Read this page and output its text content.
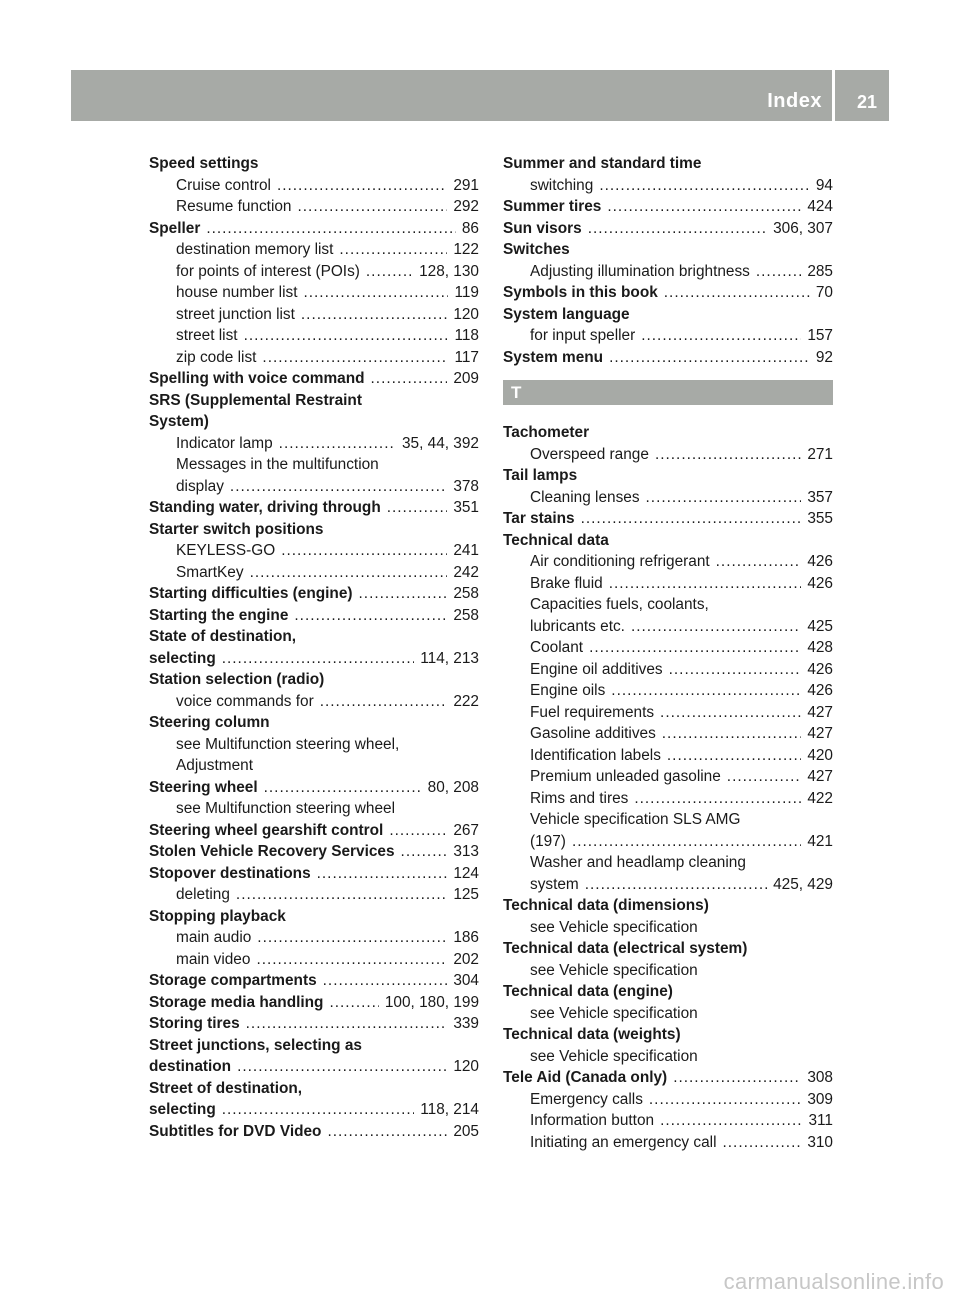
Index 21
Speed settings
Cruise control .....	291
Resume function .....	292
Speller .....	86
destination memory list .....	122
for points of interest (POIs) .....	128, 130
house number list .....	119
street junction list .....	120
street list .....	118
zip code list .....	117
Spelling with voice command .....	209
SRS (Supplemental Restraint
System)
Indicator lamp .....	35, 44, 392
Messages in the multifunction
display .....	378
Standing water, driving through .....	351
Starter switch positions
KEYLESS-GO .....	241
SmartKey .....	242
Starting difficulties (engine) .....	258
Starting the engine .....	258
State of destination,
selecting .....	114, 213
Station selection (radio)
voice commands for .....	222
Steering column
see Multifunction steering wheel,
Adjustment
Steering wheel .....	80, 208
see Multifunction steering wheel
Steering wheel gearshift control .....	267
Stolen Vehicle Recovery Services .....	313
Stopover destinations .....	124
deleting .....	125
Stopping playback
main audio .....	186
main video .....	202
Storage compartments .....	304
Storage media handling .....	100, 180, 199
Storing tires .....	339
Street junctions, selecting as
destination .....	120
Street of destination,
selecting .....	118, 214
Subtitles for DVD Video .....	205
Summer and standard time
switching .....	94
Summer tires .....	424
Sun visors .....	306, 307
Switches
Adjusting illumination brightness .....	285
Symbols in this book .....	70
System language
for input speller .....	157
System menu .....	92
T
Tachometer
Overspeed range .....	271
Tail lamps
Cleaning lenses .....	357
Tar stains .....	355
Technical data
Air conditioning refrigerant .....	426
Brake fluid .....	426
Capacities fuels, coolants,
lubricants etc. .....	425
Coolant .....	428
Engine oil additives .....	426
Engine oils .....	426
Fuel requirements .....	427
Gasoline additives .....	427
Identification labels .....	420
Premium unleaded gasoline .....	427
Rims and tires .....	422
Vehicle specification SLS AMG
(197) .....	421
Washer and headlamp cleaning
system .....	425, 429
Technical data (dimensions)
see Vehicle specification
Technical data (electrical system)
see Vehicle specification
Technical data (engine)
see Vehicle specification
Technical data (weights)
see Vehicle specification
Tele Aid (Canada only) .....	308
Emergency calls .....	309
Information button .....	311
Initiating an emergency call .....	310
carmanualsonline.info
